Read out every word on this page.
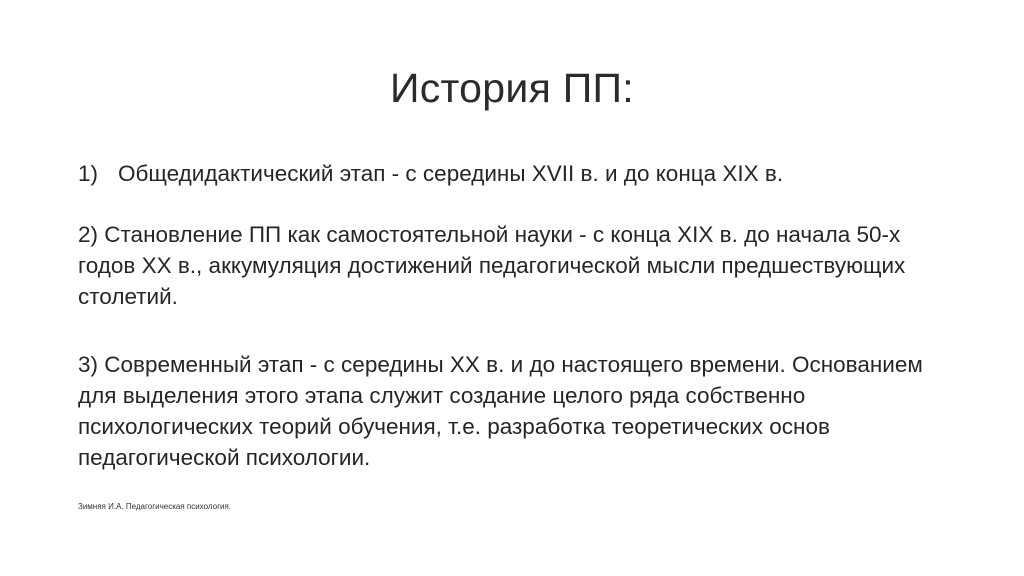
История ПП:
1) Общедидактический этап - с середины XVII в. и до конца XIX в.

2) Становление ПП как самостоятельной науки - с конца XIX в. до начала 50-х годов XX в., аккумуляция достижений педагогической мысли предшествующих столетий.

3) Современный этап - с середины XX в. и до настоящего времени. Основанием для выделения этого этапа служит создание целого ряда собственно психологических теорий обучения, т.е. разработка теоретических основ педагогической психологии.

Зимняя И.А. Педагогическая психология.
